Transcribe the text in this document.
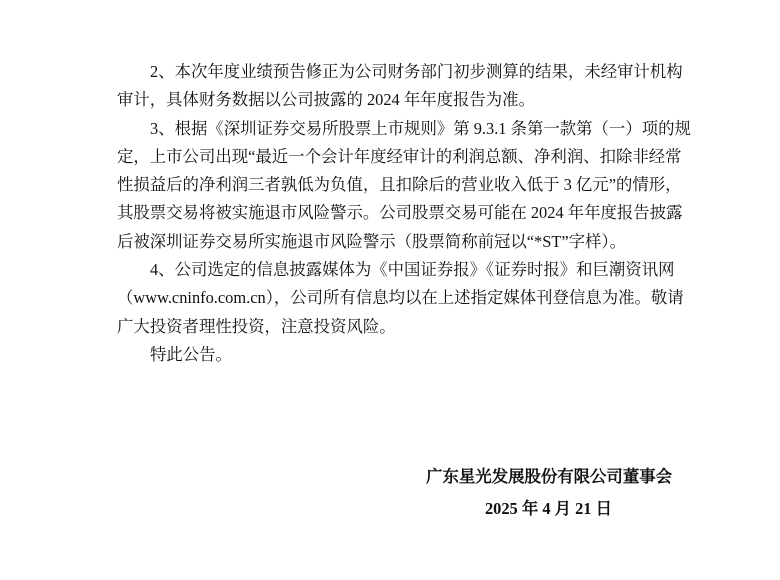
2、本次年度业绩预告修正为公司财务部门初步测算的结果，未经审计机构
审计，具体财务数据以公司披露的 2024 年年度报告为准。
3、根据《深圳证券交易所股票上市规则》第 9.3.1 条第一款第（一）项的规
定，上市公司出现“最近一个会计年度经审计的利润总额、净利润、扣除非经常
性损益后的净利润三者孰低为负值，且扣除后的营业收入低于 3 亿元”的情形，
其股票交易将被实施退市风险警示。公司股票交易可能在 2024 年年度报告披露
后被深圳证券交易所实施退市风险警示（股票简称前冠以“*ST”字样）。
4、公司选定的信息披露媒体为《中国证券报》《证券时报》和巨潮资讯网
（www.cninfo.com.cn），公司所有信息均以在上述指定媒体刊登信息为准。敬请
广大投资者理性投资，注意投资风险。
特此公告。
广东星光发展股份有限公司董事会
2025 年 4 月 21 日
